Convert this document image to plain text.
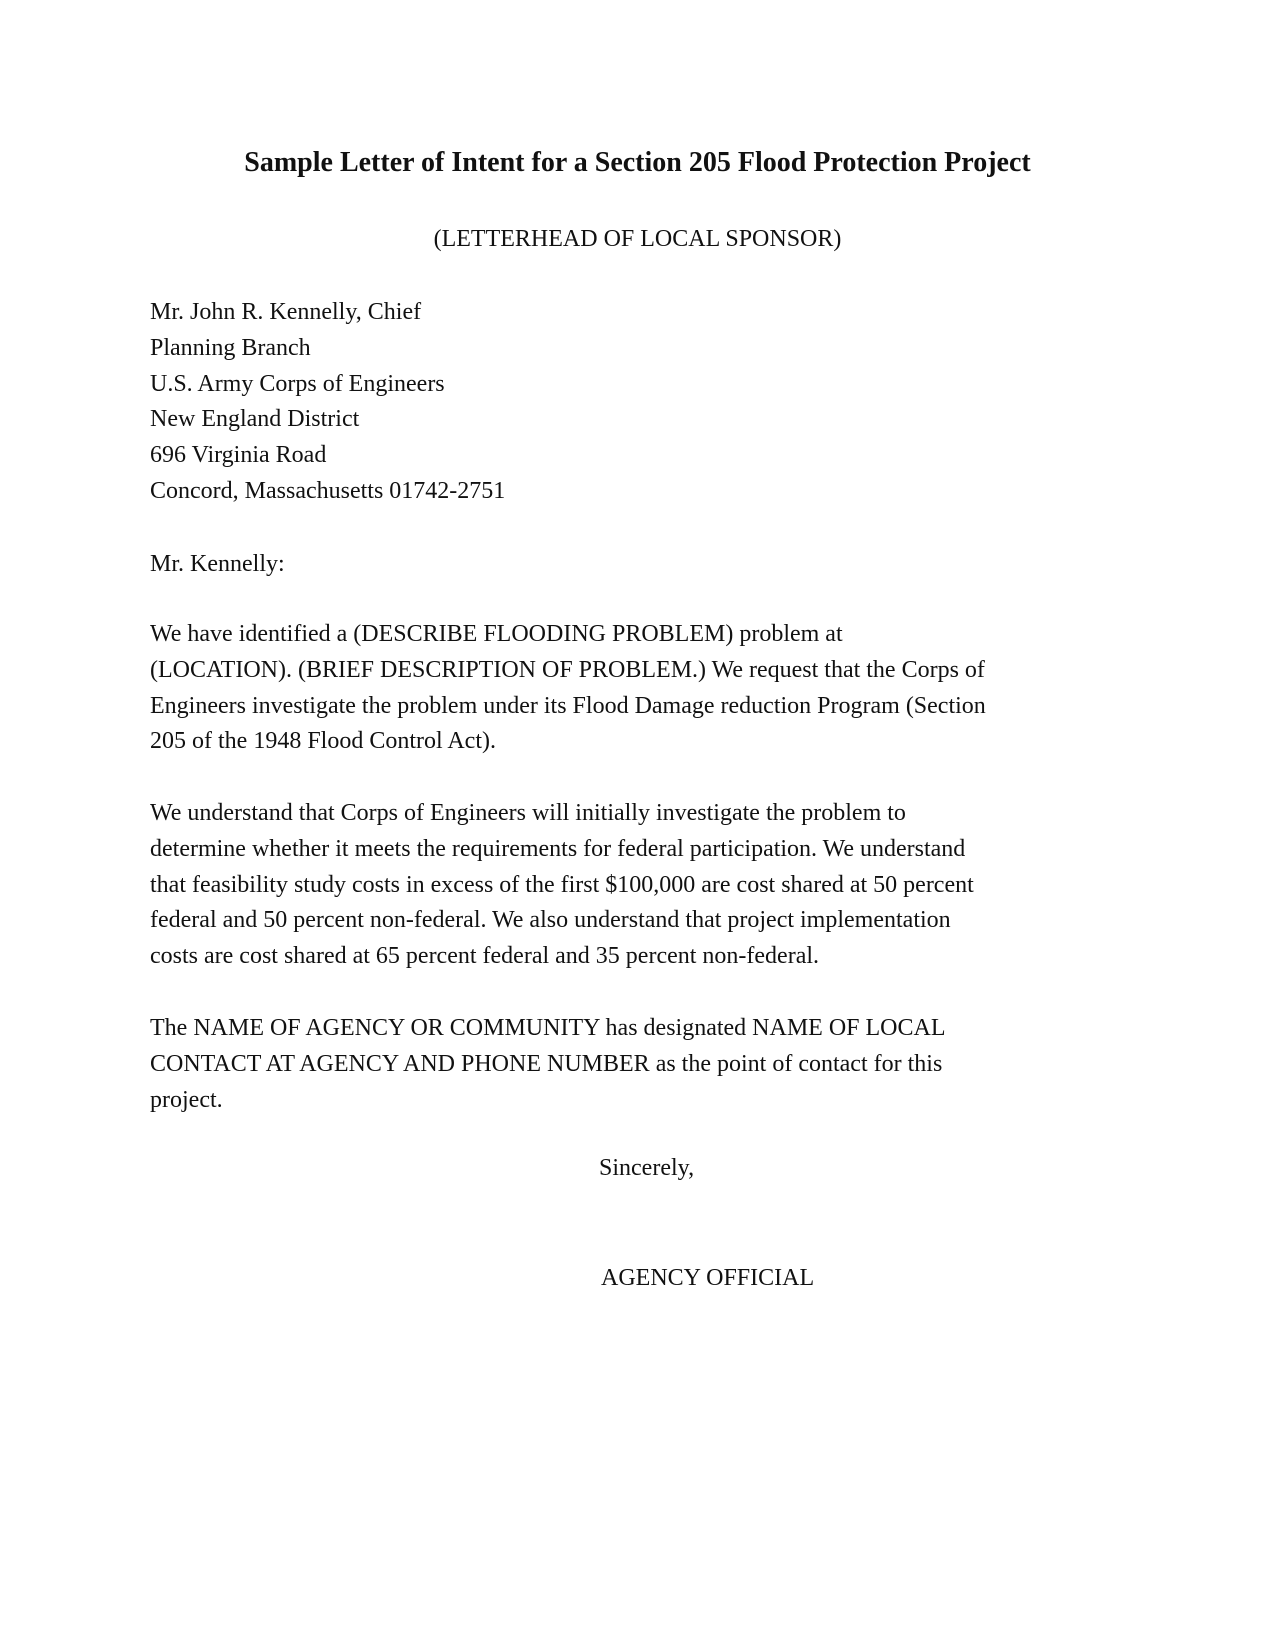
Sample Letter of Intent for a Section 205 Flood Protection Project
(LETTERHEAD OF LOCAL SPONSOR)
Mr. John R. Kennelly, Chief
Planning Branch
U.S. Army Corps of Engineers
New England District
696 Virginia Road
Concord, Massachusetts 01742-2751
Mr. Kennelly:
We have identified a (DESCRIBE FLOODING PROBLEM) problem at
(LOCATION). (BRIEF DESCRIPTION OF PROBLEM.) We request that the Corps of
Engineers investigate the problem under its Flood Damage reduction Program (Section
205 of the 1948 Flood Control Act).
We understand that Corps of Engineers will initially investigate the problem to
determine whether it meets the requirements for federal participation. We understand
that feasibility study costs in excess of the first $100,000 are cost shared at 50 percent
federal and 50 percent non-federal. We also understand that project implementation
costs are cost shared at 65 percent federal and 35 percent non-federal.
The NAME OF AGENCY OR COMMUNITY has designated NAME OF LOCAL
CONTACT AT AGENCY AND PHONE NUMBER as the point of contact for this
project.
Sincerely,
AGENCY OFFICIAL
